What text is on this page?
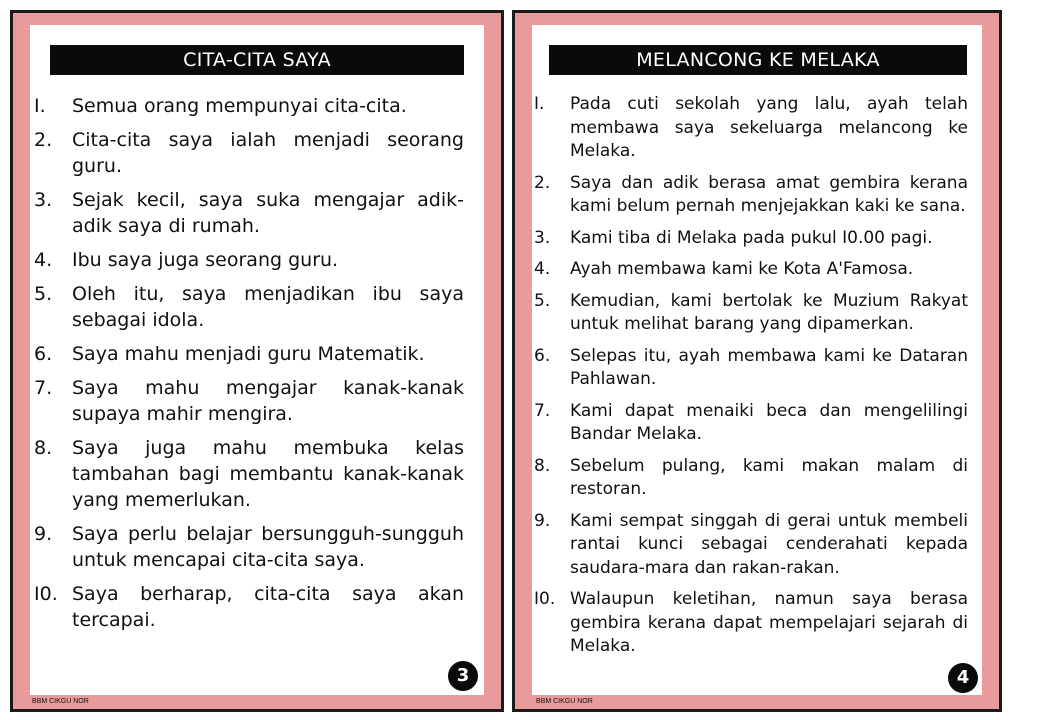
CITA-CITA SAYA
I.	Semua orang mempunyai cita-cita.
2.	Cita-cita saya ialah menjadi seorang guru.
3.	Sejak kecil, saya suka mengajar adik-adik saya di rumah.
4.	Ibu saya juga seorang guru.
5.	Oleh itu, saya menjadikan ibu saya sebagai idola.
6.	Saya mahu menjadi guru Matematik.
7.	Saya mahu mengajar kanak-kanak supaya mahir mengira.
8.	Saya juga mahu membuka kelas tambahan bagi membantu kanak-kanak yang memerlukan.
9.	Saya perlu belajar bersungguh-sungguh untuk mencapai cita-cita saya.
I0. Saya berharap, cita-cita saya akan tercapai.
3
BBM CIKGU NOR
MELANCONG KE MELAKA
I.	Pada cuti sekolah yang lalu, ayah telah membawa saya sekeluarga melancong ke Melaka.
2.	Saya dan adik berasa amat gembira kerana kami belum pernah menjejakkan kaki ke sana.
3.	Kami tiba di Melaka pada pukul I0.00 pagi.
4.	Ayah membawa kami ke Kota A'Famosa.
5.	Kemudian, kami bertolak ke Muzium Rakyat untuk melihat barang yang dipamerkan.
6.	Selepas itu, ayah membawa kami ke Dataran Pahlawan.
7.	Kami dapat menaiki beca dan mengelilingi Bandar Melaka.
8.	Sebelum pulang, kami makan malam di restoran.
9.	Kami sempat singgah di gerai untuk membeli rantai kunci sebagai cenderahati kepada saudara-mara dan rakan-rakan.
I0. Walaupun keletihan, namun saya berasa gembira kerana dapat mempelajari sejarah di Melaka.
4
BBM CIKGU NOR
